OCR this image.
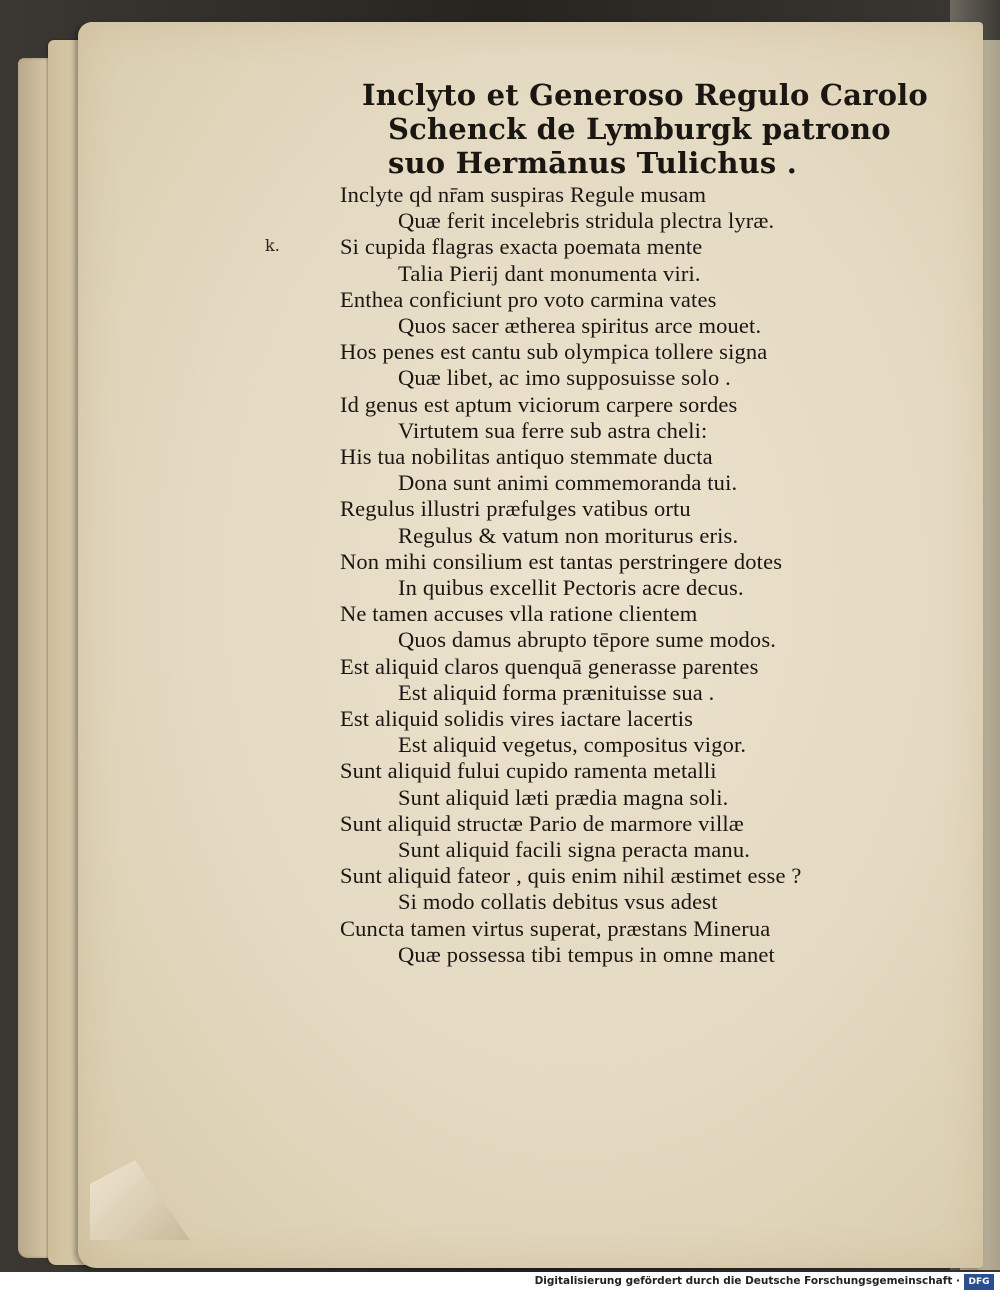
k.
Inclyto et Generoso Regulo Carolo
Schenck de Lymburgk patrono
suo Hermānus Tulichus .
Inclyte qd nr̄am suspiras Regule musam
Quæ ferit incelebris stridula plectra lyræ.
Si cupida flagras exacta poemata mente
Talia Pierij dant monumenta viri.
Enthea conficiunt pro voto carmina vates
Quos sacer ætherea spiritus arce mouet.
Hos penes est cantu sub olympica tollere signa
Quæ libet, ac imo supposuisse solo .
Id genus est aptum viciorum carpere sordes
Virtutem sua ferre sub astra cheli:
His tua nobilitas antiquo stemmate ducta
Dona sunt animi commemoranda tui.
Regulus illustri præfulges vatibus ortu
Regulus & vatum non moriturus eris.
Non mihi consilium est tantas perstringere dotes
In quibus excellit Pectoris acre decus.
Ne tamen accuses vlla ratione clientem
Quos damus abrupto tēpore sume modos.
Est aliquid claros quenquā generasse parentes
Est aliquid forma prænituisse sua .
Est aliquid solidis vires iactare lacertis
Est aliquid vegetus, compositus vigor.
Sunt aliquid fului cupido ramenta metalli
Sunt aliquid læti prædia magna soli.
Sunt aliquid structæ Pario de marmore villæ
Sunt aliquid facili signa peracta manu.
Sunt aliquid fateor , quis enim nihil æstimet esse ?
Si modo collatis debitus vsus adest
Cuncta tamen virtus superat, præstans Minerua
Quæ possessa tibi tempus in omne manet
Digitalisierung gefördert durch die Deutsche Forschungsgemeinschaft · DFG
